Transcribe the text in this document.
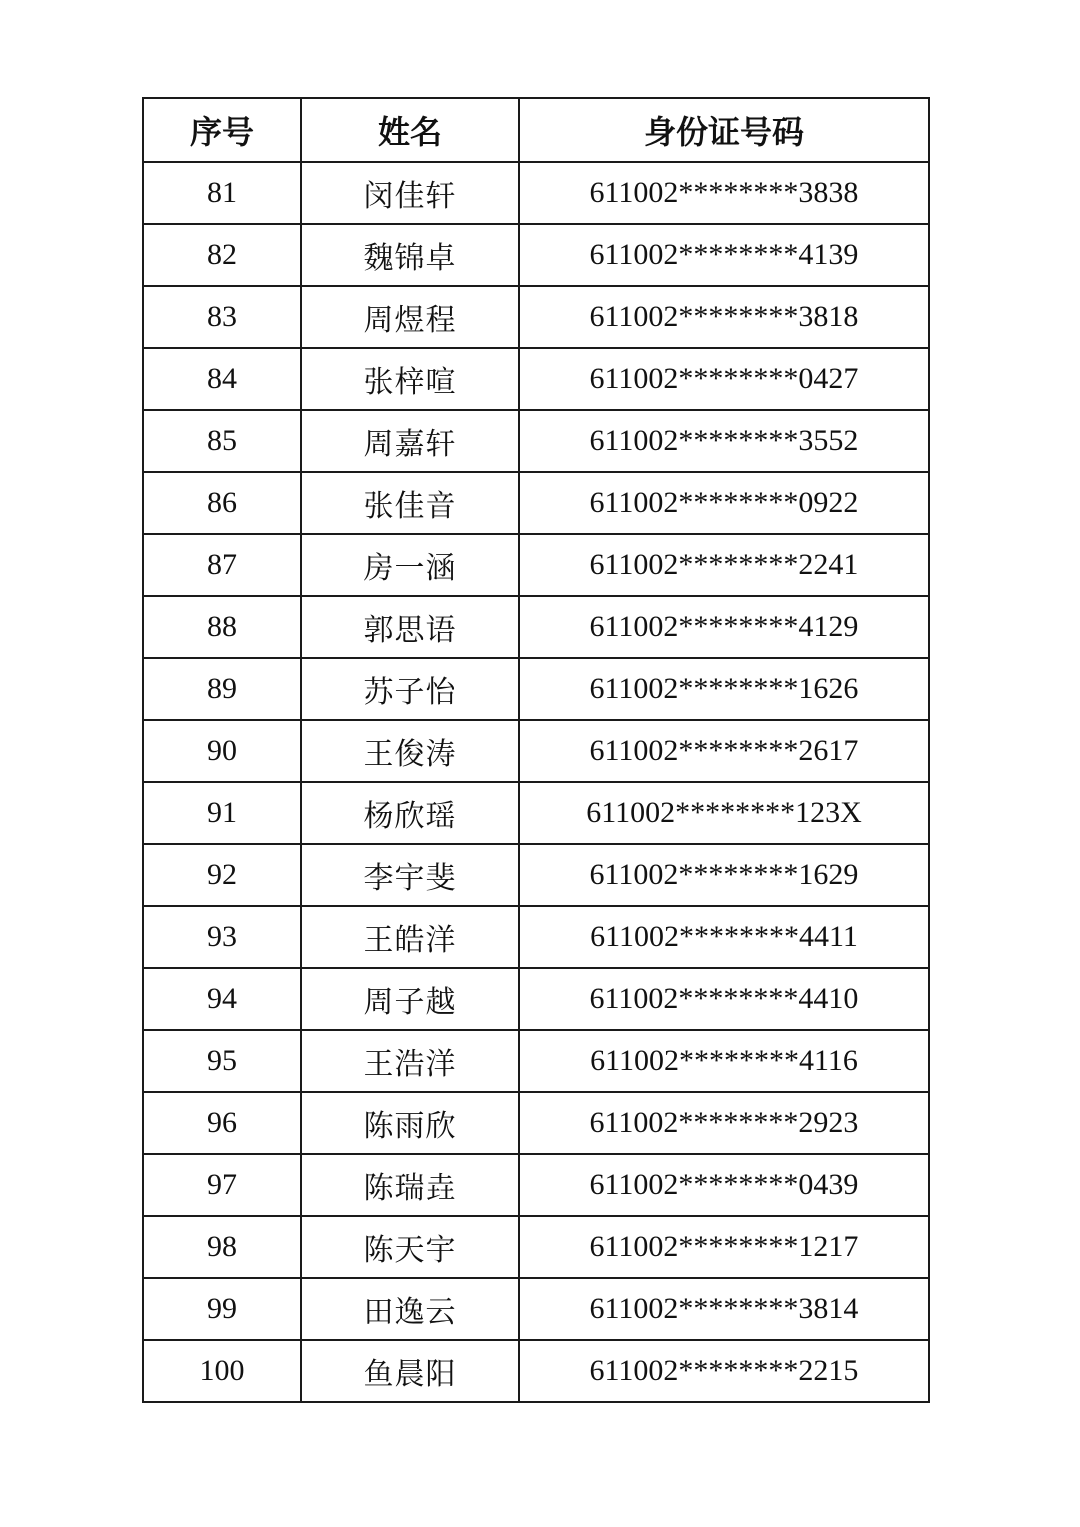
序号	姓名	身份证号码
81	闵佳轩	611002********3838
82	魏锦卓	611002********4139
83	周煜程	611002********3818
84	张梓喧	611002********0427
85	周嘉轩	611002********3552
86	张佳音	611002********0922
87	房一涵	611002********2241
88	郭思语	611002********4129
89	苏子怡	611002********1626
90	王俊涛	611002********2617
91	杨欣瑶	611002********123X
92	李宇斐	611002********1629
93	王皓洋	611002********4411
94	周子越	611002********4410
95	王浩洋	611002********4116
96	陈雨欣	611002********2923
97	陈瑞垚	611002********0439
98	陈天宇	611002********1217
99	田逸云	611002********3814
100	鱼晨阳	611002********2215
